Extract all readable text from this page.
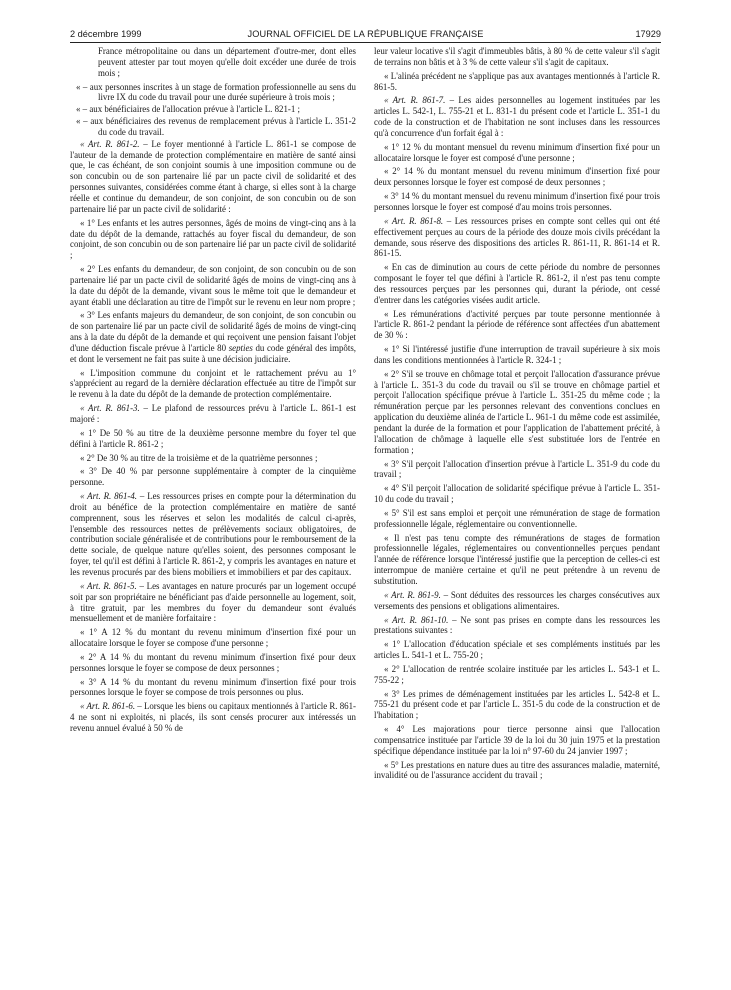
2 décembre 1999	JOURNAL OFFICIEL DE LA RÉPUBLIQUE FRANÇAISE	17929

France métropolitaine ou dans un département d'outre-mer, dont elles peuvent attester par tout moyen qu'elle doit excéder une durée de trois mois ;

« – aux personnes inscrites à un stage de formation professionnelle au sens du livre IX du code du travail pour une durée supérieure à trois mois ;

« – aux bénéficiaires de l'allocation prévue à l'article L. 821-1 ;

« – aux bénéficiaires des revenus de remplacement prévus à l'article L. 351-2 du code du travail.

« Art. R. 861-2. – Le foyer mentionné à l'article L. 861-1 se compose de l'auteur de la demande de protection complémentaire en matière de santé ainsi que, le cas échéant, de son conjoint soumis à une imposition commune ou de son concubin ou de son partenaire lié par un pacte civil de solidarité et des personnes suivantes, considérées comme étant à charge, si elles sont à la charge réelle et continue du demandeur, de son conjoint, de son concubin ou de son partenaire lié par un pacte civil de solidarité :

« 1° Les enfants et les autres personnes, âgés de moins de vingt-cinq ans à la date du dépôt de la demande, rattachés au foyer fiscal du demandeur, de son conjoint, de son concubin ou de son partenaire lié par un pacte civil de solidarité ;

« 2° Les enfants du demandeur, de son conjoint, de son concubin ou de son partenaire lié par un pacte civil de solidarité âgés de moins de vingt-cinq ans à la date du dépôt de la demande, vivant sous le même toit que le demandeur et ayant établi une déclaration au titre de l'impôt sur le revenu en leur nom propre ;

« 3° Les enfants majeurs du demandeur, de son conjoint, de son concubin ou de son partenaire lié par un pacte civil de solidarité âgés de moins de vingt-cinq ans à la date du dépôt de la demande et qui reçoivent une pension faisant l'objet d'une déduction fiscale prévue à l'article 80 septies du code général des impôts, et dont le versement ne fait pas suite à une décision judiciaire.

« L'imposition commune du conjoint et le rattachement prévu au 1° s'apprécient au regard de la dernière déclaration effectuée au titre de l'impôt sur le revenu à la date du dépôt de la demande de protection complémentaire.

« Art. R. 861-3. – Le plafond de ressources prévu à l'article L. 861-1 est majoré :

« 1° De 50 % au titre de la deuxième personne membre du foyer tel que défini à l'article R. 861-2 ;

« 2° De 30 % au titre de la troisième et de la quatrième personnes ;

« 3° De 40 % par personne supplémentaire à compter de la cinquième personne.

« Art. R. 861-4. – Les ressources prises en compte pour la détermination du droit au bénéfice de la protection complémentaire en matière de santé comprennent, sous les réserves et selon les modalités de calcul ci-après, l'ensemble des ressources nettes de prélèvements sociaux obligatoires, de contribution sociale généralisée et de contributions pour le remboursement de la dette sociale, de quelque nature qu'elles soient, des personnes composant le foyer, tel qu'il est défini à l'article R. 861-2, y compris les avantages en nature et les revenus procurés par des biens mobiliers et immobiliers et par des capitaux.

« Art. R. 861-5. – Les avantages en nature procurés par un logement occupé soit par son propriétaire ne bénéficiant pas d'aide personnelle au logement, soit, à titre gratuit, par les membres du foyer du demandeur sont évalués mensuellement et de manière forfaitaire :

« 1° A 12 % du montant du revenu minimum d'insertion fixé pour un allocataire lorsque le foyer se compose d'une personne ;

« 2° A 14 % du montant du revenu minimum d'insertion fixé pour deux personnes lorsque le foyer se compose de deux personnes ;

« 3° A 14 % du montant du revenu minimum d'insertion fixé pour trois personnes lorsque le foyer se compose de trois personnes ou plus.

« Art. R. 861-6. – Lorsque les biens ou capitaux mentionnés à l'article R. 861-4 ne sont ni exploités, ni placés, ils sont censés procurer aux intéressés un revenu annuel évalué à 50 % de

leur valeur locative s'il s'agit d'immeubles bâtis, à 80 % de cette valeur s'il s'agit de terrains non bâtis et à 3 % de cette valeur s'il s'agit de capitaux.

« L'alinéa précédent ne s'applique pas aux avantages mentionnés à l'article R. 861-5.

« Art. R. 861-7. – Les aides personnelles au logement instituées par les articles L. 542-1, L. 755-21 et L. 831-1 du présent code et l'article L. 351-1 du code de la construction et de l'habitation ne sont incluses dans les ressources qu'à concurrence d'un forfait égal à :

« 1° 12 % du montant mensuel du revenu minimum d'insertion fixé pour un allocataire lorsque le foyer est composé d'une personne ;

« 2° 14 % du montant mensuel du revenu minimum d'insertion fixé pour deux personnes lorsque le foyer est composé de deux personnes ;

« 3° 14 % du montant mensuel du revenu minimum d'insertion fixé pour trois personnes lorsque le foyer est composé d'au moins trois personnes.

« Art. R. 861-8. – Les ressources prises en compte sont celles qui ont été effectivement perçues au cours de la période des douze mois civils précédant la demande, sous réserve des dispositions des articles R. 861-11, R. 861-14 et R. 861-15.

« En cas de diminution au cours de cette période du nombre de personnes composant le foyer tel que défini à l'article R. 861-2, il n'est pas tenu compte des ressources perçues par les personnes qui, durant la période, ont cessé d'entrer dans les catégories visées audit article.

« Les rémunérations d'activité perçues par toute personne mentionnée à l'article R. 861-2 pendant la période de référence sont affectées d'un abattement de 30 % :

« 1° Si l'intéressé justifie d'une interruption de travail supérieure à six mois dans les conditions mentionnées à l'article R. 324-1 ;

« 2° S'il se trouve en chômage total et perçoit l'allocation d'assurance prévue à l'article L. 351-3 du code du travail ou s'il se trouve en chômage partiel et perçoit l'allocation spécifique prévue à l'article L. 351-25 du même code ; la rémunération perçue par les personnes relevant des conventions conclues en application du deuxième alinéa de l'article L. 961-1 du même code est assimilée, pendant la durée de la formation et pour l'application de l'abattement précité, à l'allocation de chômage à laquelle elle s'est substituée lors de l'entrée en formation ;

« 3° S'il perçoit l'allocation d'insertion prévue à l'article L. 351-9 du code du travail ;

« 4° S'il perçoit l'allocation de solidarité spécifique prévue à l'article L. 351-10 du code du travail ;

« 5° S'il est sans emploi et perçoit une rémunération de stage de formation professionnelle légale, réglementaire ou conventionnelle.

« Il n'est pas tenu compte des rémunérations de stages de formation professionnelle légales, réglementaires ou conventionnelles perçues pendant l'année de référence lorsque l'intéressé justifie que la perception de celles-ci est interrompue de manière certaine et qu'il ne peut prétendre à un revenu de substitution.

« Art. R. 861-9. – Sont déduites des ressources les charges consécutives aux versements des pensions et obligations alimentaires.

« Art. R. 861-10. – Ne sont pas prises en compte dans les ressources les prestations suivantes :

« 1° L'allocation d'éducation spéciale et ses compléments institués par les articles L. 541-1 et L. 755-20 ;

« 2° L'allocation de rentrée scolaire instituée par les articles L. 543-1 et L. 755-22 ;

« 3° Les primes de déménagement instituées par les articles L. 542-8 et L. 755-21 du présent code et par l'article L. 351-5 du code de la construction et de l'habitation ;

« 4° Les majorations pour tierce personne ainsi que l'allocation compensatrice instituée par l'article 39 de la loi du 30 juin 1975 et la prestation spécifique dépendance instituée par la loi n° 97-60 du 24 janvier 1997 ;

« 5° Les prestations en nature dues au titre des assurances maladie, maternité, invalidité ou de l'assurance accident du travail ;
